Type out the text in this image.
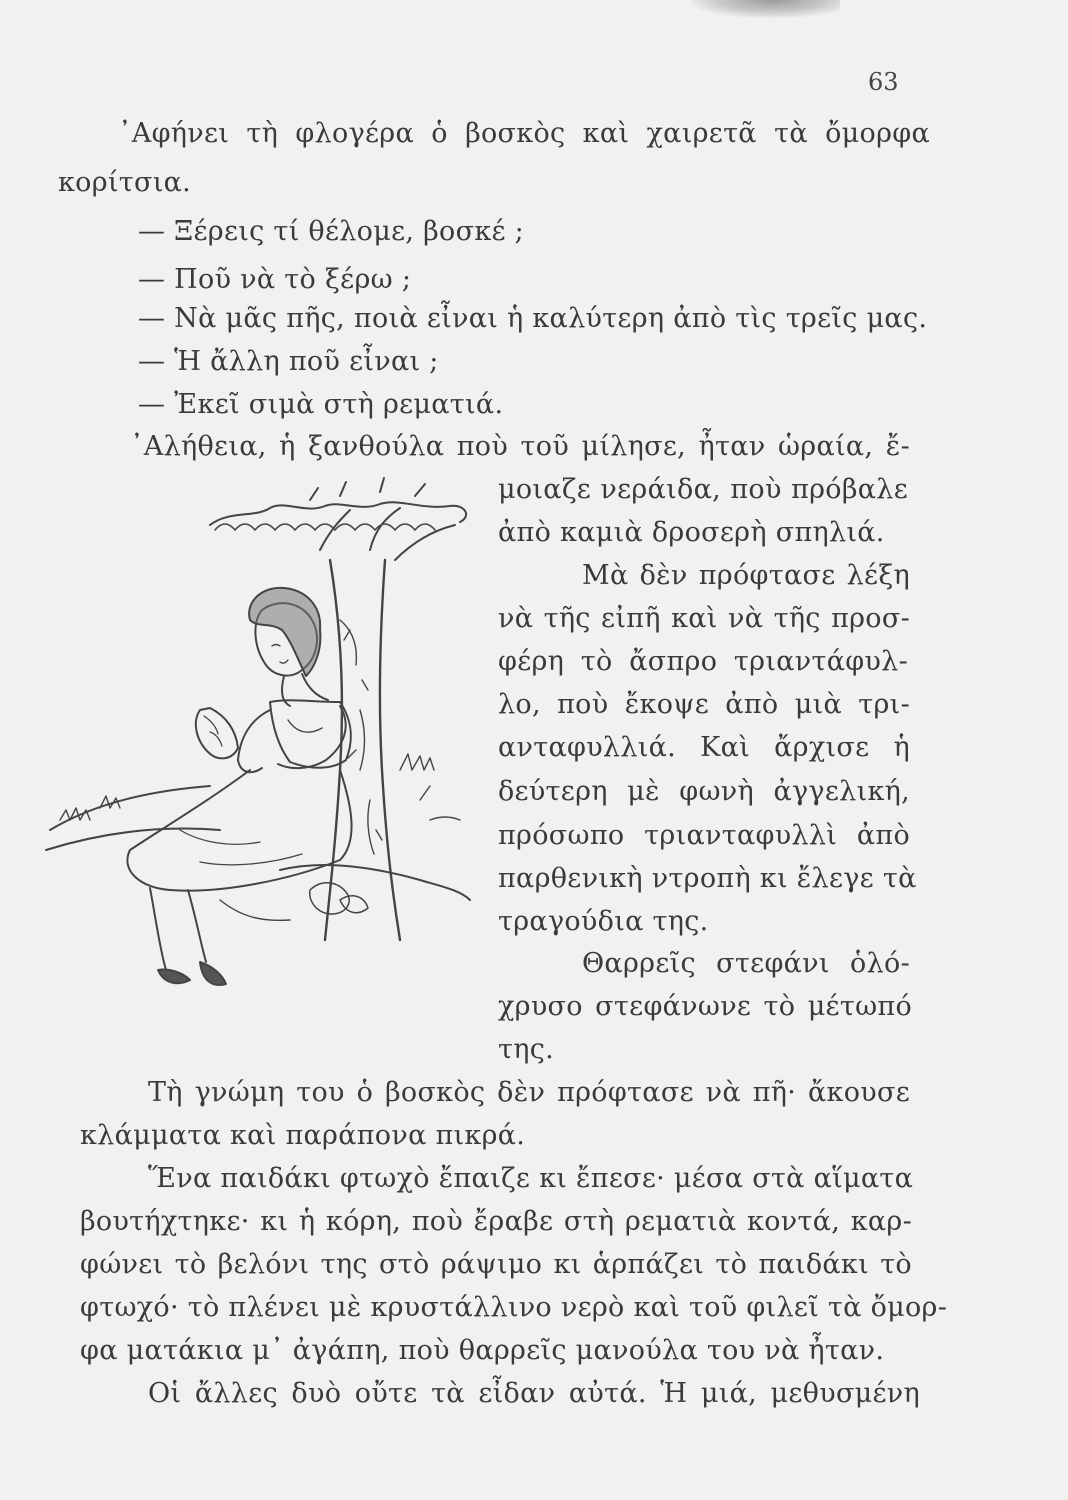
63
᾿Αφήνει τὴ φλογέρα ὁ βοσκὸς καὶ χαιρετᾶ τὰ ὄμορφα
κορίτσια.
— Ξέρεις τί θέλομε, βοσκέ ;
— Ποῦ νὰ τὸ ξέρω ;
— Νὰ μᾶς πῆς, ποιὰ εἶναι ἡ καλύτερη ἀπὸ τὶς τρεῖς μας.
— Ἡ ἄλλη ποῦ εἶναι ;
— Ἐκεῖ σιμὰ στὴ ρεματιά.
᾿Αλήθεια, ἡ ξανθούλα ποὺ τοῦ μίλησε, ἦταν ὡραία, ἔ-
μοιαζε νεράιδα, ποὺ πρόβαλε
ἀπὸ καμιὰ δροσερὴ σπηλιά.
Μὰ δὲν πρόφτασε λέξη
νὰ τῆς εἰπῆ καὶ νὰ τῆς προσ-
φέρη τὸ ἄσπρο τριαντάφυλ-
λο, ποὺ ἔκοψε ἀπὸ μιὰ τρι-
ανταφυλλιά. Καὶ ἄρχισε ἡ
δεύτερη μὲ φωνὴ ἀγγελική,
πρόσωπο τριανταφυλλὶ ἀπὸ
παρθενικὴ ντροπὴ κι ἔλεγε τὰ
τραγούδια της.
Θαρρεῖς στεφάνι ὁλό-
χρυσο στεφάνωνε τὸ μέτωπό
της.
Τὴ γνώμη του ὁ βοσκὸς δὲν πρόφτασε νὰ πῆ· ἄκουσε
κλάμματα καὶ παράπονα πικρά.
Ἕνα παιδάκι φτωχὸ ἔπαιζε κι ἔπεσε· μέσα στὰ αἵματα
βουτήχτηκε· κι ἡ κόρη, ποὺ ἔραβε στὴ ρεματιὰ κοντά, καρ-
φώνει τὸ βελόνι της στὸ ράψιμο κι ἁρπάζει τὸ παιδάκι τὸ
φτωχό· τὸ πλένει μὲ κρυστάλλινο νερὸ καὶ τοῦ φιλεῖ τὰ ὄμορ-
φα ματάκια μ᾿ ἀγάπη, ποὺ θαρρεῖς μανούλα του νὰ ἦταν.
Οἱ ἄλλες δυὸ οὔτε τὰ εἶδαν αὐτά. Ἡ μιά, μεθυσμένη
